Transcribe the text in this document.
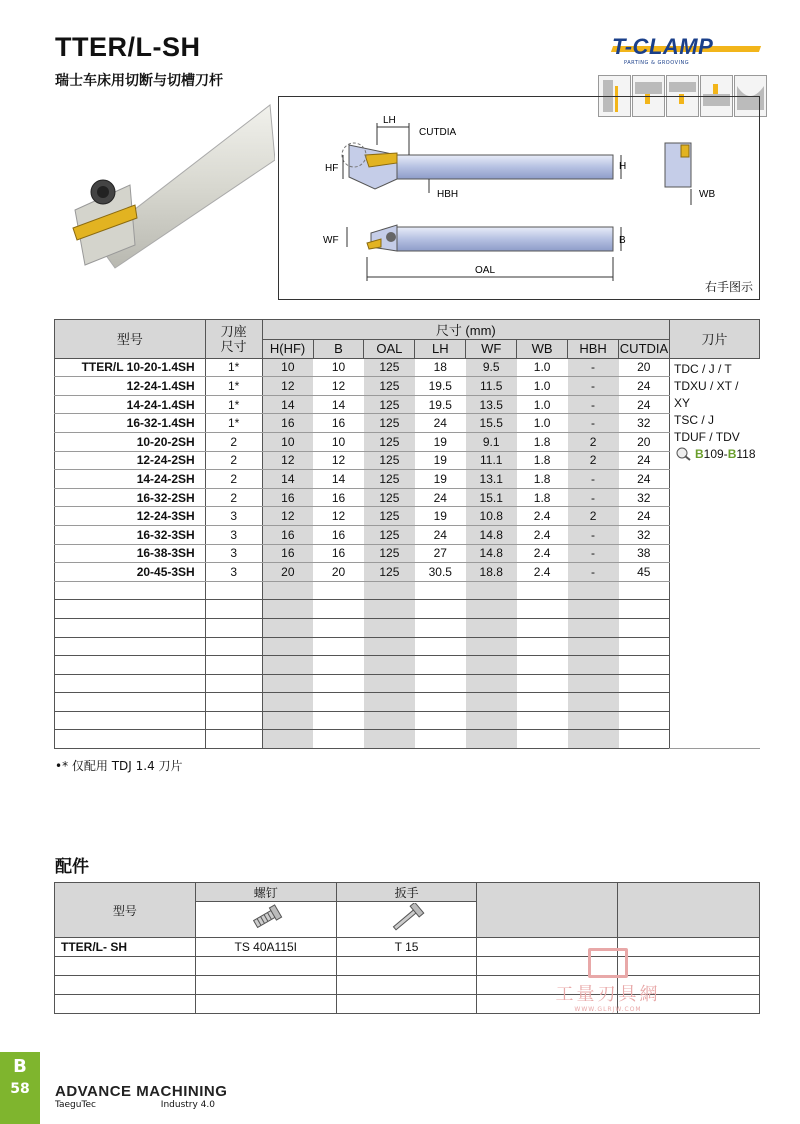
TTER/L-SH
瑞士车床用切断与切槽刀杆
T-CLAMP
PARTING & GROOVING
LH
CUTDIA
HF	H
HBH	WB
WF	B
OAL
右手图示
型号	刀座
尺寸	尺寸 (mm)								刀片
		H(HF)	B	OAL	LH	WF	WB	HBH	CUTDIA	
TTER/L 10-20-1.4SH	1*	10	10	125	18	9.5	1.0	-	20	TDC / J / T
TDXU / XT / XY
TSC / J
TDUF / TDV
B109-B118

12-24-1.4SH	1*	12	12	125	19.5	11.5	1.0	-	24	
14-24-1.4SH	1*	14	14	125	19.5	13.5	1.0	-	24	
16-32-1.4SH	1*	16	16	125	24	15.5	1.0	-	32	
10-20-2SH	2	10	10	125	19	9.1	1.8	2	20	
12-24-2SH	2	12	12	125	19	11.1	1.8	2	24	
14-24-2SH	2	14	14	125	19	13.1	1.8	-	24	
16-32-2SH	2	16	16	125	24	15.1	1.8	-	32	
12-24-3SH	3	12	12	125	19	10.8	2.4	2	24	
16-32-3SH	3	16	16	125	24	14.8	2.4	-	32	
16-38-3SH	3	16	16	125	27	14.8	2.4	-	38	
20-45-3SH	3	20	20	125	30.5	18.8	2.4	-	45	

•* 仅配用 TDJ 1.4 刀片
配件
型号	螺钉	扳手		

TTER/L- SH	TS 40A115I	T 15		

工量刃具網
WWW.GLRJW.COM
B
58	ADVANCE MACHINING
TaeguTec	Industry 4.0
